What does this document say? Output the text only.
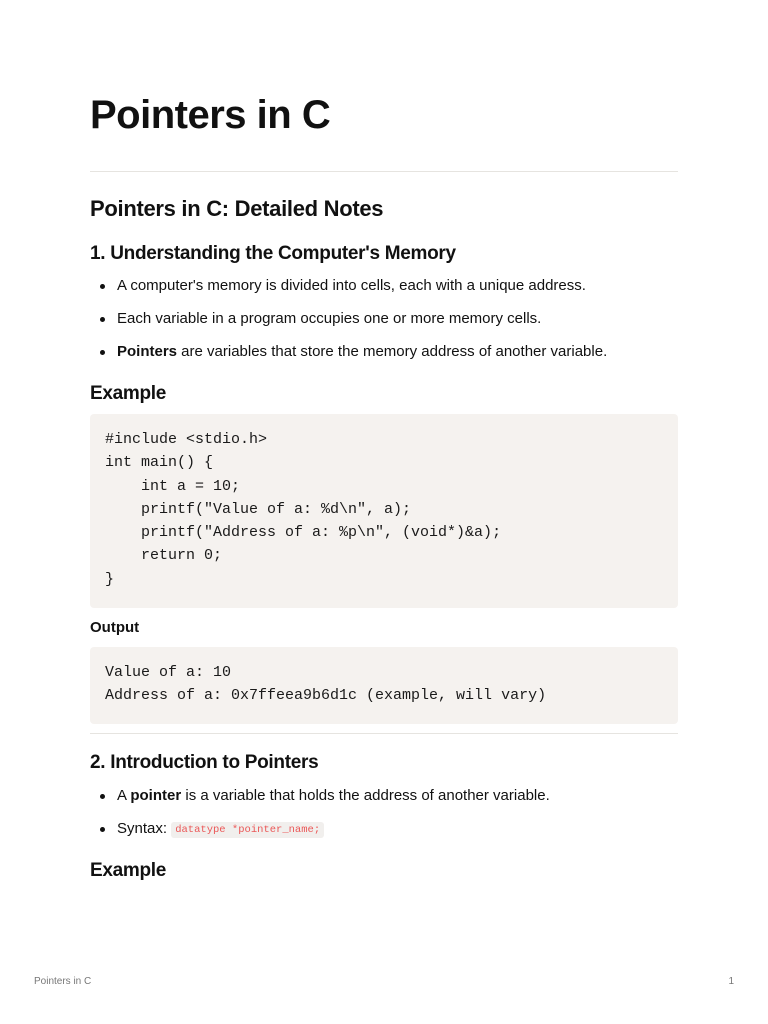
Pointers in C
Pointers in C: Detailed Notes
1. Understanding the Computer's Memory
A computer's memory is divided into cells, each with a unique address.
Each variable in a program occupies one or more memory cells.
Pointers are variables that store the memory address of another variable.
Example
#include <stdio.h>
int main() {
int a = 10;
printf("Value of a: %d\n", a);
printf("Address of a: %p\n", (void*)&a);
return 0;
}
Output
Value of a: 10
Address of a: 0x7ffeea9b6d1c (example, will vary)
2. Introduction to Pointers
A pointer is a variable that holds the address of another variable.
Syntax: datatype *pointer_name;
Example
Pointers in C	1
